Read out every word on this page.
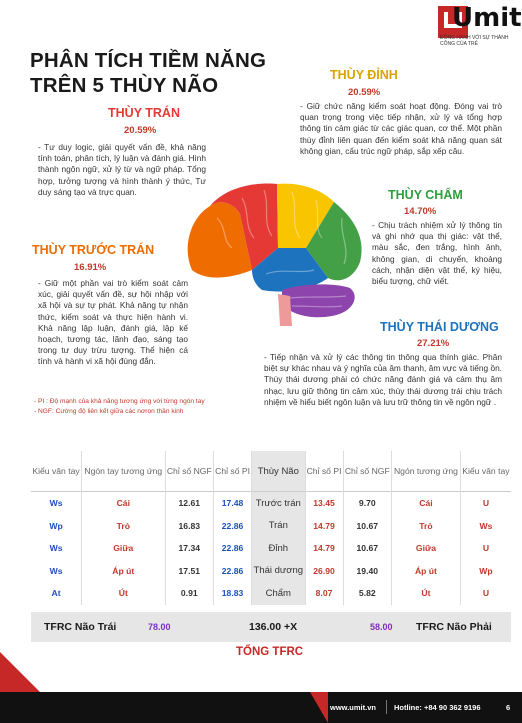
Umit
ĐỒNG HÀNH VỚI SỰ THÀNH CÔNG CỦA TRẺ
PHÂN TÍCH TIỀM NĂNG
TRÊN 5 THÙY NÃO
THÙY TRÁN
20.59%
- Tư duy logic, giải quyết vấn đề, khả năng tính toán, phân tích, lý luận và đánh giá. Hình thành ngôn ngữ, xử lý từ và ngữ pháp. Tổng hợp, tưởng tượng và hình thành ý thức, Tư duy sáng tạo và trực quan.
THÙY ĐỈNH
20.59%
- Giữ chức năng kiểm soát hoạt động. Đóng vai trò quan trọng trong việc tiếp nhận, xử lý và tổng hợp thông tin cảm giác từ các giác quan, cơ thể. Một phần thùy đỉnh liên quan đến kiểm soát khả năng quan sát không gian, cấu trúc ngữ pháp, sắp xếp câu.
THÙY CHẨM
14.70%
- Chịu trách nhiệm xử lý thông tin và ghi nhớ qua thị giác: vật thể, màu sắc, đen trắng, hình ảnh, không gian, di chuyển, khoảng cách, nhận diện vật thể, ký hiệu, biểu tượng, chữ viết.
THÙY TRƯỚC TRÁN
16.91%
- Giữ một phần vai trò kiểm soát cảm xúc, giải quyết vấn đề, sự hội nhập với xã hội và sự tự phát. Khả năng tự nhận thức, kiểm soát và thực hiện hành vi. Khả năng lập luận, đánh giá, lập kế hoạch, tương tác, lãnh đạo, sáng tạo trong tư duy trừu tượng. Thể hiện cá tính và hành vi xã hội đúng đắn.
THÙY THÁI DƯƠNG
27.21%
- Tiếp nhận và xử lý các thông tin thông qua thính giác. Phân biệt sự khác nhau và ý nghĩa của âm thanh, âm vực và tiếng ồn. Thùy thái dương phải có chức năng đánh giá và cảm thụ âm nhạc, lưu giữ thông tin cảm xúc, thùy thái dương trái chịu trách nhiệm về hiểu biết ngôn luận và lưu trữ thông tin về ngôn ngữ .
- PI : Độ mạnh của khả năng tương ứng với từng ngón tay
- NGF: Cường độ liên kết giữa các nơron thần kinh
Kiểu vân tay	Ngón tay tương ứng	Chỉ số NGF	Chỉ số PI	Thùy Não	Chỉ số PI	Chỉ số NGF	Ngón tương ứng	Kiểu vân tay
Ws	Cái	12.61	17.48	Trước trán	13.45	9.70	Cái	U
Wp	Trỏ	16.83	22.86	Trán	14.79	10.67	Trỏ	Ws
Ws	Giữa	17.34	22.86	Đỉnh	14.79	10.67	Giữa	U
Ws	Áp út	17.51	22.86	Thái dương	26.90	19.40	Áp út	Wp
At	Út	0.91	18.83	Chẩm	8.07	5.82	Út	U
TFRC Não Trái	78.00	136.00 +X	58.00 TFRC Não Phải
TỔNG TFRC
www.umit.vn Hotline: +84 90 362 9196	6
